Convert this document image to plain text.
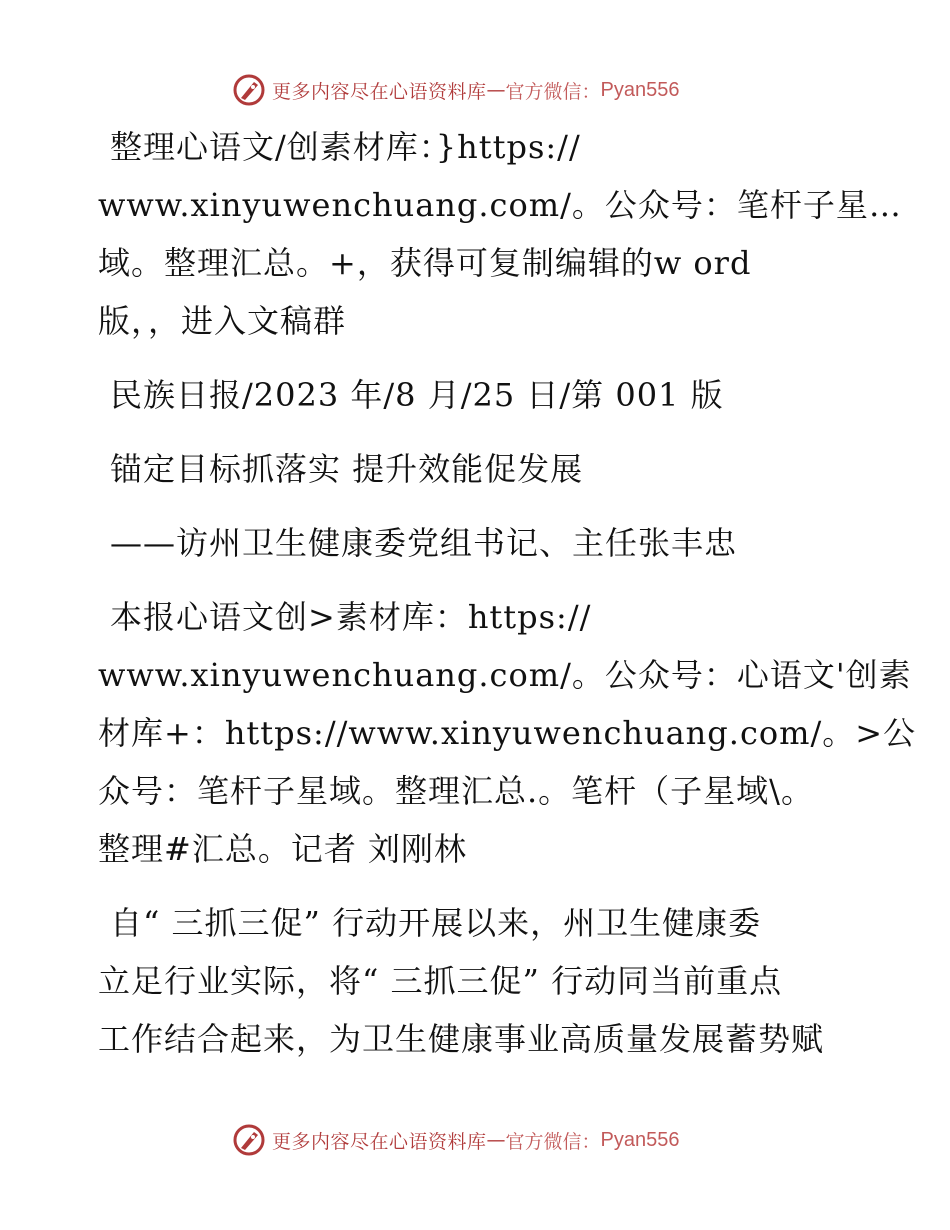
更多内容尽在心语资料库 — 官方微信： Pyan556
整理心语文/创素材库：}https://
www.xinyuwenchuang.com/。公众号：笔杆子星…
域。整理汇总。+，获得可复制编辑的w ord
版，，进入文稿群
民族日报/2023 年/8 月/25 日/第 001 版
锚定目标抓落实 提升效能促发展
——访州卫生健康委党组书记、主任张丰忠
本报心语文创>素材库：https://
www.xinyuwenchuang.com/。公众号：心语文'创素
材库+：https://www.xinyuwenchuang.com/。>公
众号：笔杆子星域。整理汇总.。笔杆（子星域\。
整理#汇总。记者 刘刚林
自“ 三抓三促” 行动开展以来，州卫生健康委
立足行业实际，将“ 三抓三促” 行动同当前重点
工作结合起来，为卫生健康事业高质量发展蓄势赋
更多内容尽在心语资料库 — 官方微信： Pyan556
